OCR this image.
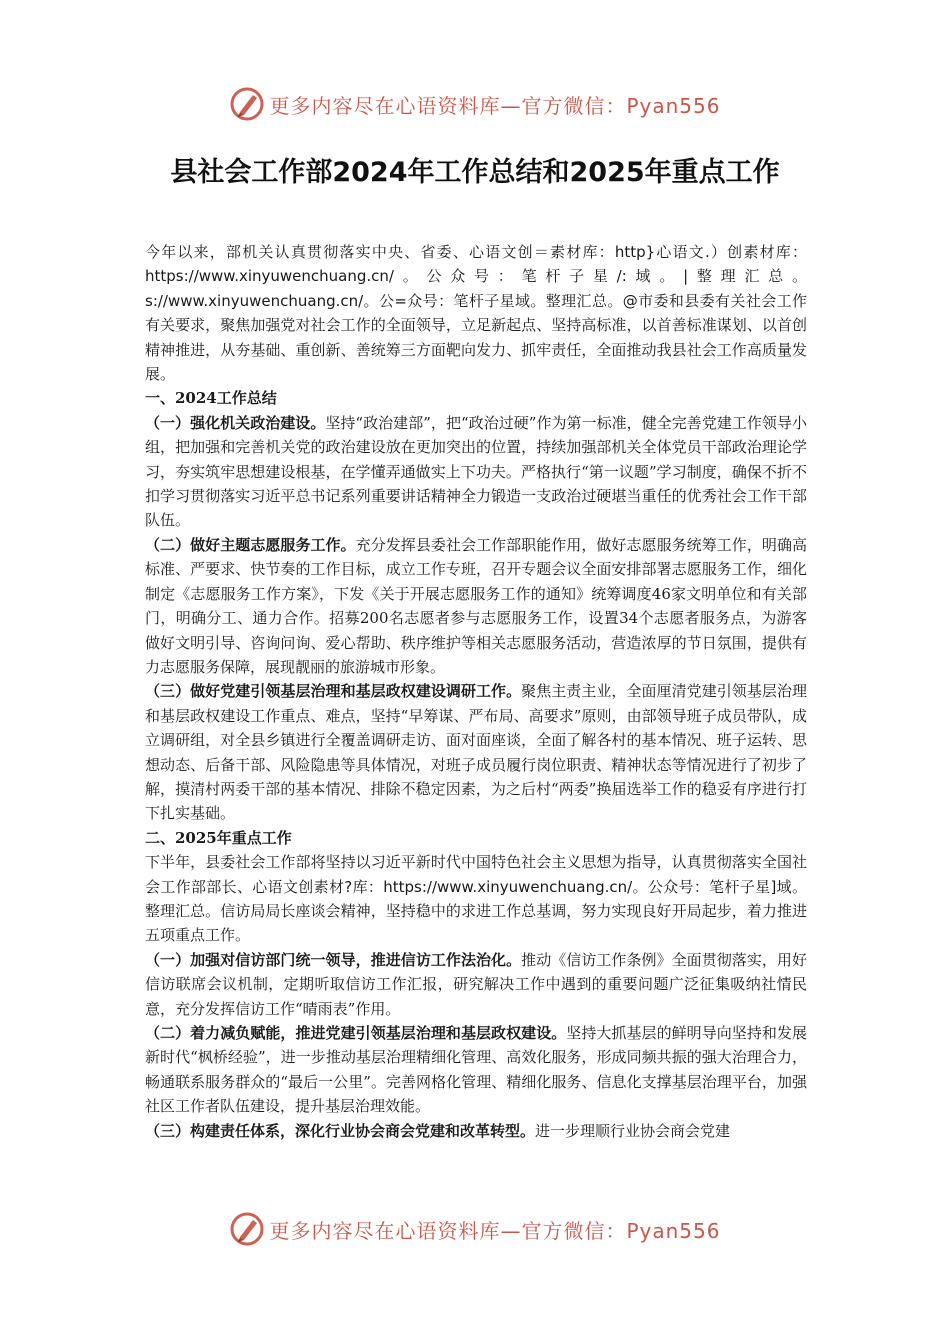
更多内容尽在心语资料库—官方微信：Pyan556
县社会工作部2024年工作总结和2025年重点工作

今年以来，部机关认真贯彻落实中央、省委、心语文创＝素材库：http}心语文.）创素材库：https://www.xinyuwenchuang.cn/。公众号：笔杆子星/:域。|整理汇总。s://www.xinyuwenchuang.cn/。公=众号：笔杆子星域。整理汇总。@市委和县委有关社会工作有关要求，聚焦加强党对社会工作的全面领导，立足新起点、坚持高标准，以首善标准谋划、以首创精神推进，从夯基础、重创新、善统筹三方面靶向发力、抓牢责任，全面推动我县社会工作高质量发展。

一、2024工作总结

（一）强化机关政治建设。坚持“政治建部”，把“政治过硬”作为第一标准，健全完善党建工作领导小组，把加强和完善机关党的政治建设放在更加突出的位置，持续加强部机关全体党员干部政治理论学习，夯实筑牢思想建设根基，在学懂弄通做实上下功夫。严格执行“第一议题”学习制度，确保不折不扣学习贯彻落实习近平总书记系列重要讲话精神全力锻造一支政治过硬堪当重任的优秀社会工作干部队伍。

（二）做好主题志愿服务工作。充分发挥县委社会工作部职能作用，做好志愿服务统筹工作，明确高标准、严要求、快节奏的工作目标，成立工作专班，召开专题会议全面安排部署志愿服务工作，细化制定《志愿服务工作方案》，下发《关于开展志愿服务工作的通知》统筹调度46家文明单位和有关部门，明确分工、通力合作。招募200名志愿者参与志愿服务工作，设置34个志愿者服务点，为游客做好文明引导、咨询问询、爱心帮助、秩序维护等相关志愿服务活动，营造浓厚的节日氛围，提供有力志愿服务保障，展现靓丽的旅游城市形象。

（三）做好党建引领基层治理和基层政权建设调研工作。聚焦主责主业，全面厘清党建引领基层治理和基层政权建设工作重点、难点，坚持“早筹谋、严布局、高要求”原则，由部领导班子成员带队，成立调研组，对全县乡镇进行全覆盖调研走访、面对面座谈，全面了解各村的基本情况、班子运转、思想动态、后备干部、风险隐患等具体情况，对班子成员履行岗位职责、精神状态等情况进行了初步了解，摸清村两委干部的基本情况、排除不稳定因素，为之后村“两委”换届选举工作的稳妥有序进行打下扎实基础。

二、2025年重点工作

下半年，县委社会工作部将坚持以习近平新时代中国特色社会主义思想为指导，认真贯彻落实全国社会工作部部长、心语文创素材?库：https://www.xinyuwenchuang.cn/。公众号：笔杆子星]域。整理汇总。信访局局长座谈会精神，坚持稳中的求进工作总基调，努力实现良好开局起步，着力推进五项重点工作。

（一）加强对信访部门统一领导，推进信访工作法治化。推动《信访工作条例》全面贯彻落实，用好信访联席会议机制，定期听取信访工作汇报，研究解决工作中遇到的重要问题广泛征集吸纳社情民意，充分发挥信访工作“晴雨表”作用。

（二）着力减负赋能，推进党建引领基层治理和基层政权建设。坚持大抓基层的鲜明导向坚持和发展新时代“枫桥经验”，进一步推动基层治理精细化管理、高效化服务，形成同频共振的强大治理合力，畅通联系服务群众的“最后一公里”。完善网格化管理、精细化服务、信息化支撑基层治理平台，加强社区工作者队伍建设，提升基层治理效能。

（三）构建责任体系，深化行业协会商会党建和改革转型。进一步理顺行业协会商会党建

更多内容尽在心语资料库—官方微信：Pyan556
